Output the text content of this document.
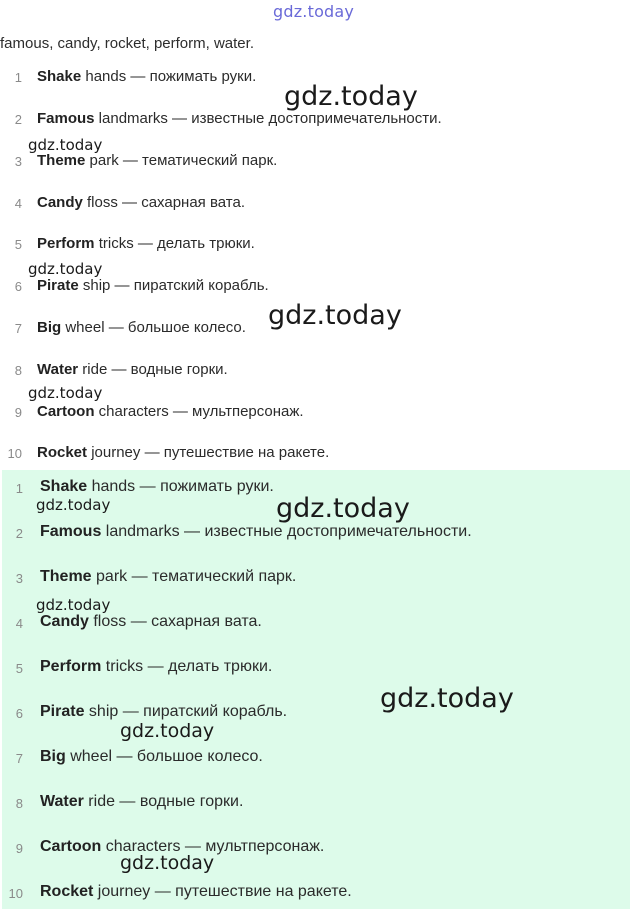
gdz.today
famous, candy, rocket, perform, water.
1 Shake hands — пожимать руки.
2 Famous landmarks — известные достопримечательности.
3 Theme park — тематический парк.
4 Candy floss — сахарная вата.
5 Perform tricks — делать трюки.
6 Pirate ship — пиратский корабль.
7 Big wheel — большое колесо.
8 Water ride — водные горки.
9 Cartoon characters — мультперсонаж.
10 Rocket journey — путешествие на ракете.
1 Shake hands — пожимать руки.
2 Famous landmarks — известные достопримечательности.
3 Theme park — тематический парк.
4 Candy floss — сахарная вата.
5 Perform tricks — делать трюки.
6 Pirate ship — пиратский корабль.
7 Big wheel — большое колесо.
8 Water ride — водные горки.
9 Cartoon characters — мультперсонаж.
10 Rocket journey — путешествие на ракете.
gdz.today
gdz.today
gdz.today
gdz.today
gdz.today
gdz.today
gdz.today
gdz.today
gdz.today
gdz.today
gdz.today
